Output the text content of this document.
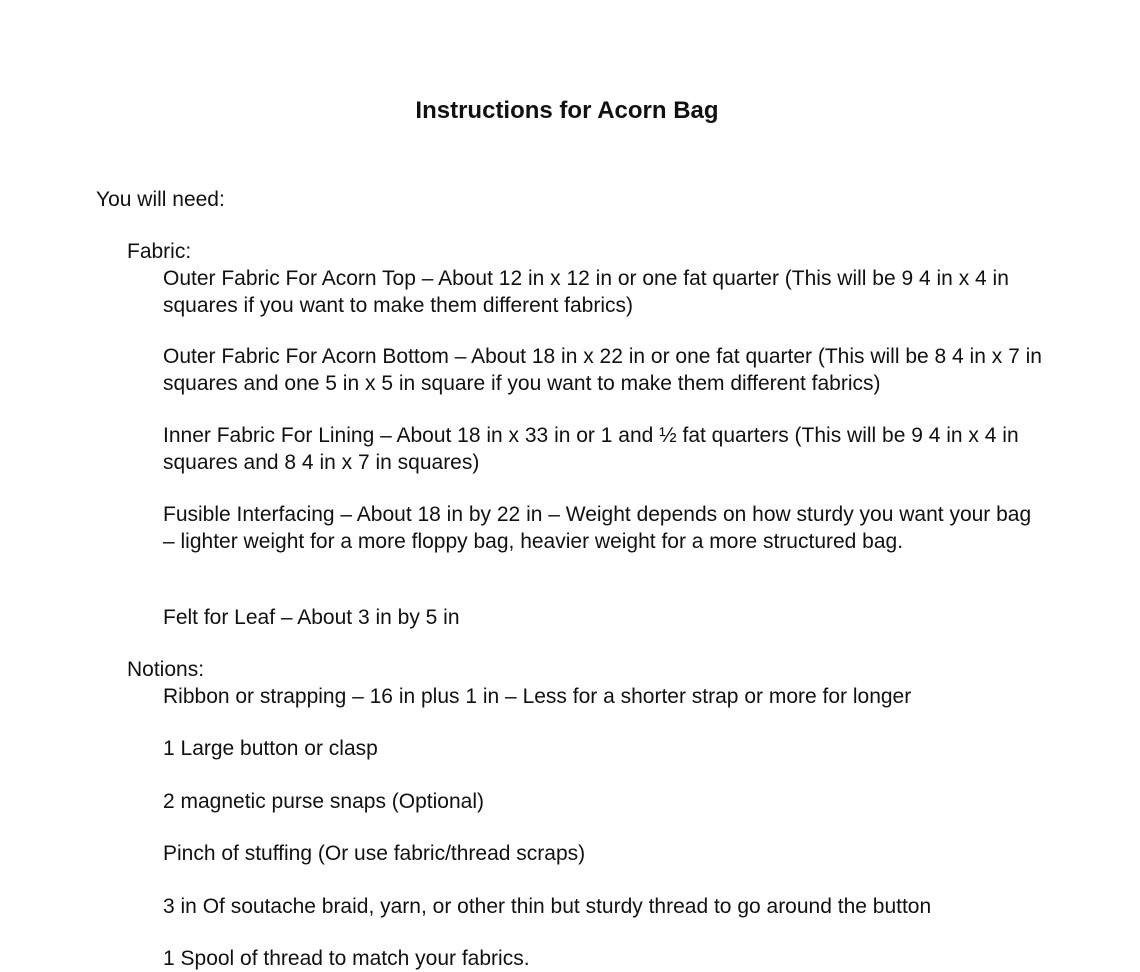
Instructions for Acorn Bag

You will need:

Fabric:

Outer Fabric For Acorn Top – About 12 in x 12 in or one fat quarter (This will be 9 4 in x 4 in squares if you want to make them different fabrics)

Outer Fabric For Acorn Bottom – About 18 in x 22 in or one fat quarter (This will be 8 4 in x 7 in squares and one 5 in x 5 in square if you want to make them different fabrics)

Inner Fabric For Lining – About 18 in x 33 in or 1 and ½ fat quarters (This will be 9 4 in x 4 in squares and 8 4 in x 7 in squares)

Fusible Interfacing – About 18 in by 22 in – Weight depends on how sturdy you want your bag – lighter weight for a more floppy bag, heavier weight for a more structured bag.

Felt for Leaf – About 3 in by 5 in

Notions:

Ribbon or strapping – 16 in plus 1 in – Less for a shorter strap or more for longer

1 Large button or clasp

2 magnetic purse snaps (Optional)

Pinch of stuffing (Or use fabric/thread scraps)

3 in Of soutache braid, yarn, or other thin but sturdy thread to go around the button

1 Spool of thread to match your fabrics.
